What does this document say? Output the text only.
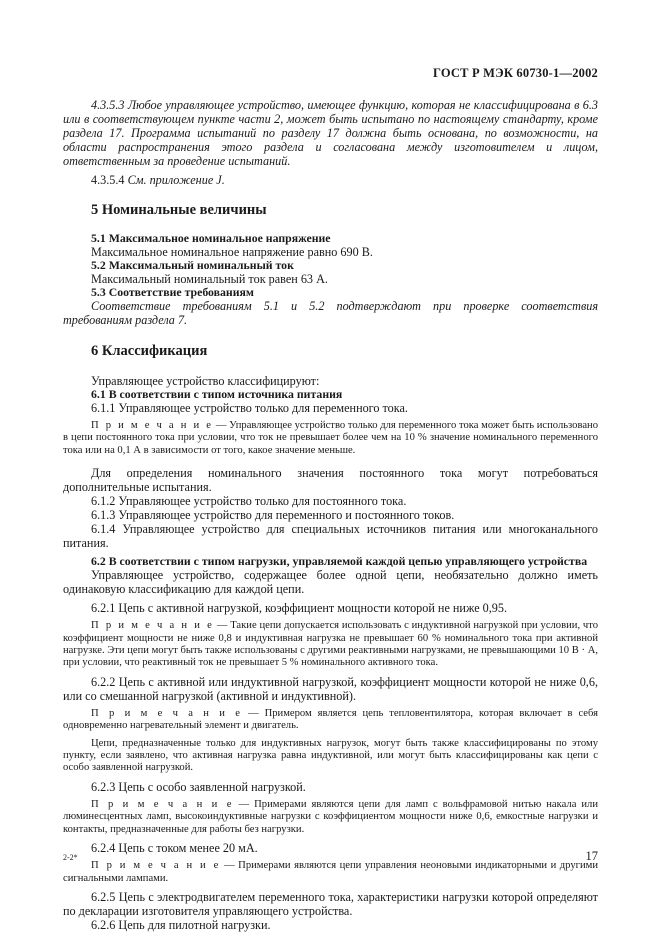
ГОСТ Р МЭК 60730-1—2002

4.3.5.3 Любое управляющее устройство, имеющее функцию, которая не классифицирована в 6.3 или в соответствующем пункте части 2, может быть испытано по настоящему стандарту, кроме раздела 17. Программа испытаний по разделу 17 должна быть основана, по возможности, на области распространения этого раздела и согласована между изготовителем и лицом, ответственным за проведение испытаний.

4.3.5.4 См. приложение J.

5 Номинальные величины
5.1 Максимальное номинальное напряжение

Максимальное номинальное напряжение равно 690 В.

5.2 Максимальный номинальный ток

Максимальный номинальный ток равен 63 А.

5.3 Соответствие требованиям

Соответствие требованиям 5.1 и 5.2 подтверждают при проверке соответствия требованиям раздела 7.

6 Классификация

Управляющее устройство классифицируют:

6.1 В соответствии с типом источника питания

6.1.1 Управляющее устройство только для переменного тока.

П р и м е ч а н и е — Управляющее устройство только для переменного тока может быть использовано в цепи постоянного тока при условии, что ток не превышает более чем на 10 % значение номинального переменного тока или на 0,1 А в зависимости от того, какое значение меньше.

Для определения номинального значения постоянного тока могут потребоваться дополнительные испытания.

6.1.2 Управляющее устройство только для постоянного тока.

6.1.3 Управляющее устройство для переменного и постоянного токов.

6.1.4 Управляющее устройство для специальных источников питания или многоканального питания.

6.2 В соответствии с типом нагрузки, управляемой каждой цепью управляющего устройства

Управляющее устройство, содержащее более одной цепи, необязательно должно иметь одинаковую классификацию для каждой цепи.

6.2.1 Цепь с активной нагрузкой, коэффициент мощности которой не ниже 0,95.

П р и м е ч а н и е — Такие цепи допускается использовать с индуктивной нагрузкой при условии, что коэффициент мощности не ниже 0,8 и индуктивная нагрузка не превышает 60 % номинального тока при активной нагрузке. Эти цепи могут быть также использованы с другими реактивными нагрузками, не превышающими 10 В · А, при условии, что реактивный ток не превышает 5 % номинального активного тока.

6.2.2 Цепь с активной или индуктивной нагрузкой, коэффициент мощности которой не ниже 0,6, или со смешанной нагрузкой (активной и индуктивной).

П р и м е ч а н и е — Примером является цепь тепловентилятора, которая включает в себя одновременно нагревательный элемент и двигатель.

Цепи, предназначенные только для индуктивных нагрузок, могут быть также классифицированы по этому пункту, если заявлено, что активная нагрузка равна индуктивной, или могут быть классифицированы как цепи с особо заявленной нагрузкой.

6.2.3 Цепь с особо заявленной нагрузкой.

П р и м е ч а н и е — Примерами являются цепи для ламп с вольфрамовой нитью накала или люминесцентных ламп, высокоиндуктивные нагрузки с коэффициентом мощности ниже 0,6, емкостные нагрузки и контакты, предназначенные для работы без нагрузки.

6.2.4 Цепь с током менее 20 мА.

П р и м е ч а н и е — Примерами являются цепи управления неоновыми индикаторными и другими сигнальными лампами.

6.2.5 Цепь с электродвигателем переменного тока, характеристики нагрузки которой определяют по декларации изготовителя управляющего устройства.

6.2.6 Цепь для пилотной нагрузки.

2-2*	17
